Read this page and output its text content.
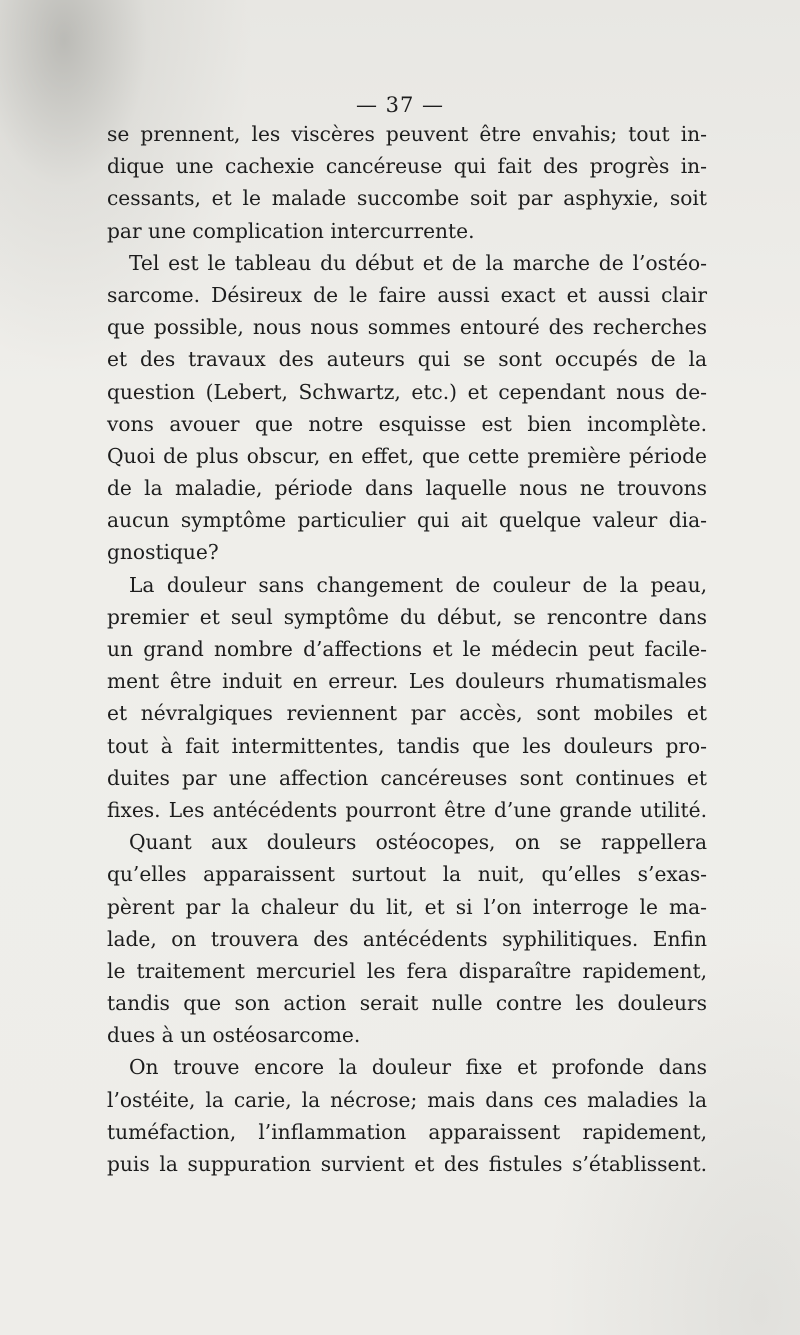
— 37 —
se prennent, les viscères peuvent être envahis; tout in-
dique une cachexie cancéreuse qui fait des progrès in-
cessants, et le malade succombe soit par asphyxie, soit
par une complication intercurrente.
Tel est le tableau du début et de la marche de l’ostéo-
sarcome. Désireux de le faire aussi exact et aussi clair
que possible, nous nous sommes entouré des recherches
et des travaux des auteurs qui se sont occupés de la
question (Lebert, Schwartz, etc.) et cependant nous de-
vons avouer que notre esquisse est bien incomplète.
Quoi de plus obscur, en effet, que cette première période
de la maladie, période dans laquelle nous ne trouvons
aucun symptôme particulier qui ait quelque valeur dia-
gnostique?
La douleur sans changement de couleur de la peau,
premier et seul symptôme du début, se rencontre dans
un grand nombre d’affections et le médecin peut facile-
ment être induit en erreur. Les douleurs rhumatismales
et névralgiques reviennent par accès, sont mobiles et
tout à fait intermittentes, tandis que les douleurs pro-
duites par une affection cancéreuses sont continues et
fixes. Les antécédents pourront être d’une grande utilité.
Quant aux douleurs ostéocopes, on se rappellera
qu’elles apparaissent surtout la nuit, qu’elles s’exas-
pèrent par la chaleur du lit, et si l’on interroge le ma-
lade, on trouvera des antécédents syphilitiques. Enfin
le traitement mercuriel les fera disparaître rapidement,
tandis que son action serait nulle contre les douleurs
dues à un ostéosarcome.
On trouve encore la douleur fixe et profonde dans
l’ostéite, la carie, la nécrose; mais dans ces maladies la
tuméfaction, l’inflammation apparaissent rapidement,
puis la suppuration survient et des fistules s’établissent.
